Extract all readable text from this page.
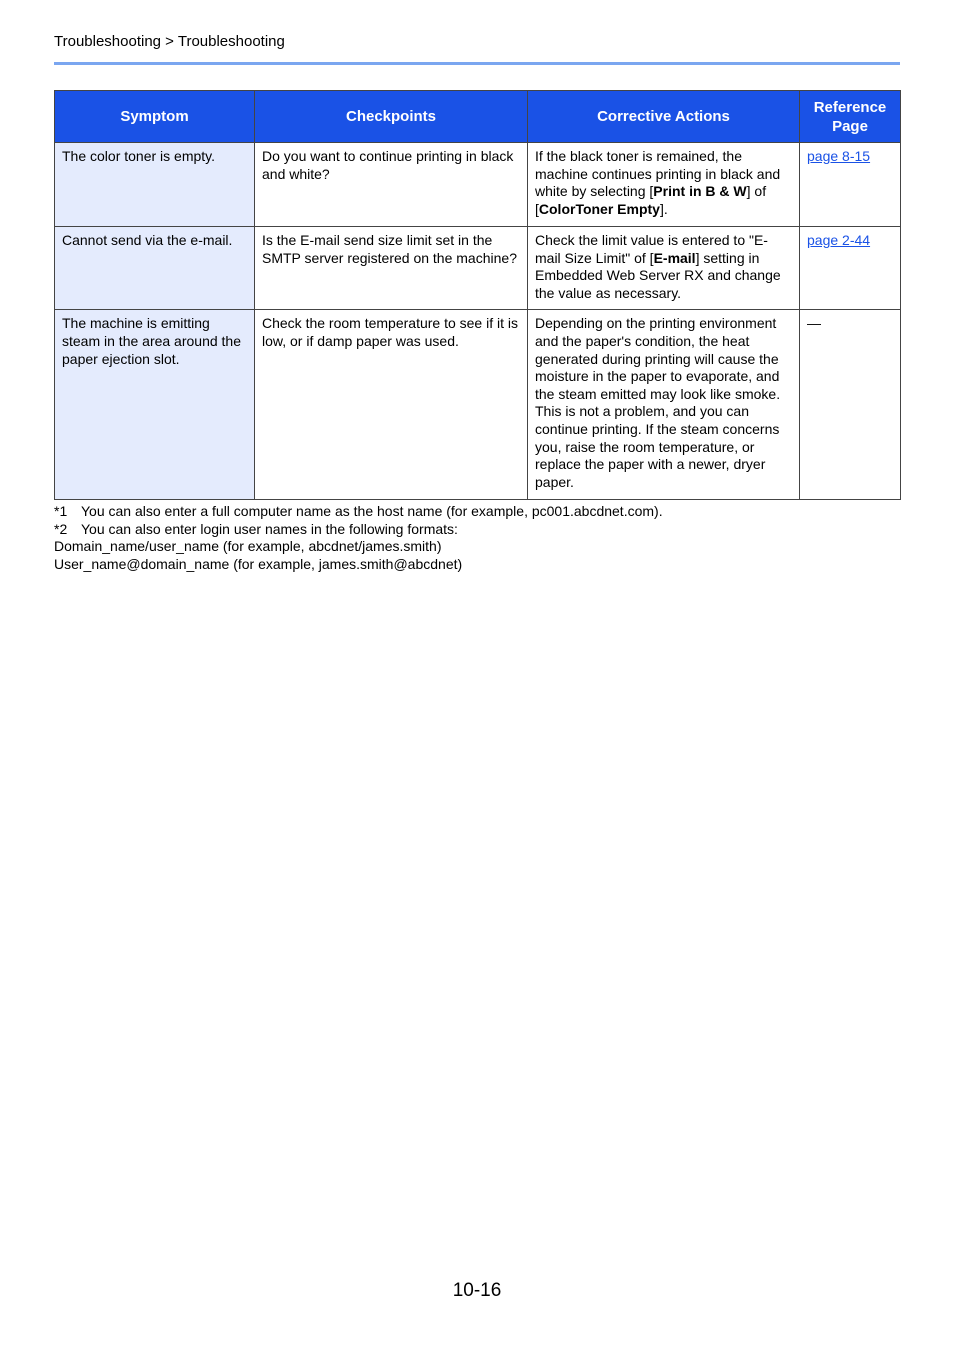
Troubleshooting > Troubleshooting
Symptom	Checkpoints	Corrective Actions	Reference Page
The color toner is empty.	Do you want to continue printing in black and white?	If the black toner is remained, the machine continues printing in black and white by selecting [Print in B & W] of [ColorToner Empty].	page 8-15
Cannot send via the e-mail.	Is the E-mail send size limit set in the SMTP server registered on the machine?	Check the limit value is entered to "E-mail Size Limit" of [E-mail] setting in Embedded Web Server RX and change the value as necessary.	page 2-44
The machine is emitting steam in the area around the paper ejection slot.	Check the room temperature to see if it is low, or if damp paper was used.	Depending on the printing environment and the paper's condition, the heat generated during printing will cause the moisture in the paper to evaporate, and the steam emitted may look like smoke. This is not a problem, and you can continue printing. If the steam concerns you, raise the room temperature, or replace the paper with a newer, dryer paper.	—
*1 You can also enter a full computer name as the host name (for example, pc001.abcdnet.com).
*2 You can also enter login user names in the following formats:
Domain_name/user_name (for example, abcdnet/james.smith)
User_name@domain_name (for example, james.smith@abcdnet)
10-16
